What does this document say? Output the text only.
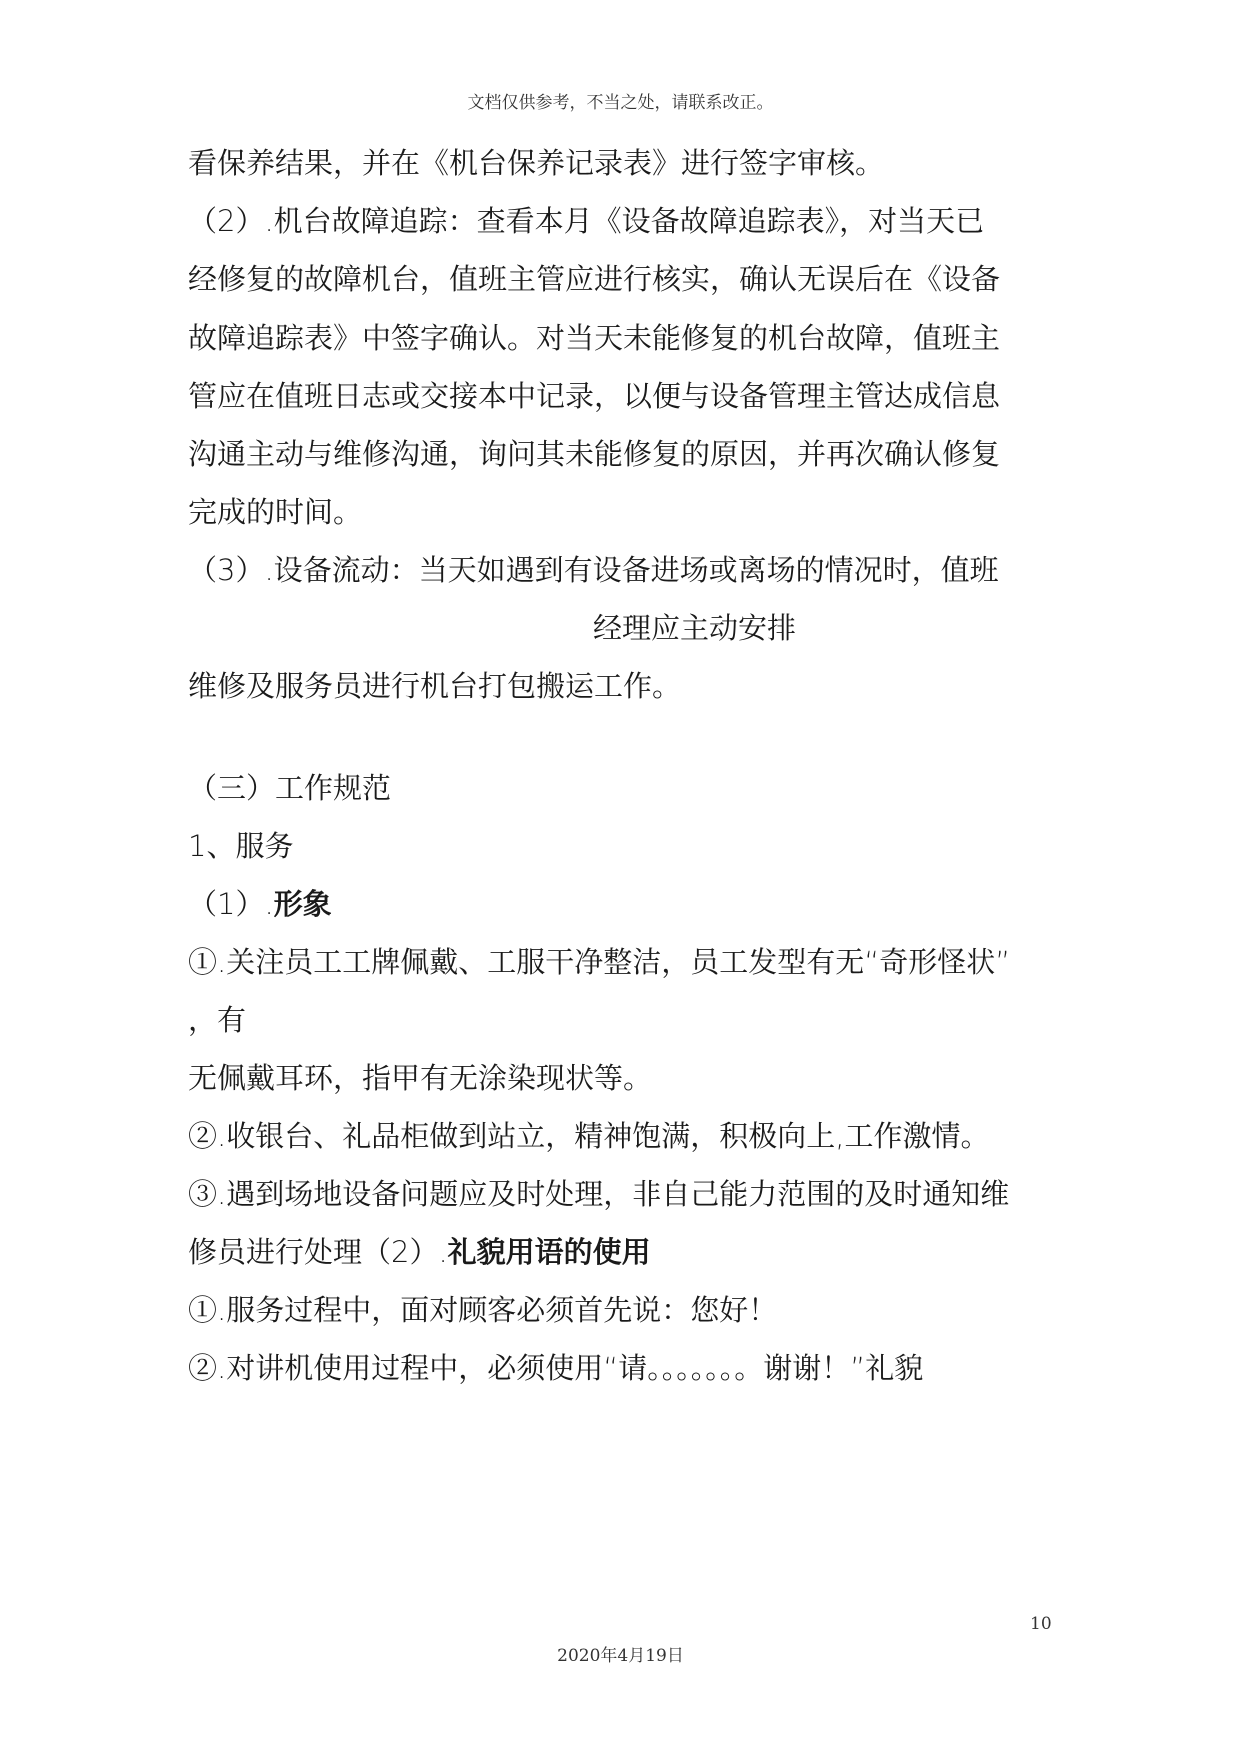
文档仅供参考，不当之处，请联系改正。
看保养结果，并在《机台保养记录表》进行签字审核。
（2）.机台故障追踪：查看本月《设备故障追踪表》，对当天已
经修复的故障机台，值班主管应进行核实，确认无误后在《设备
故障追踪表》中签字确认。对当天未能修复的机台故障，值班主
管应在值班日志或交接本中记录，以便与设备管理主管达成信息
沟通主动与维修沟通，询问其未能修复的原因，并再次确认修复
完成的时间。
（3）.设备流动：当天如遇到有设备进场或离场的情况时，值班
经理应主动安排
维修及服务员进行机台打包搬运工作。
（三）工作规范
1、服务
（1）.形象
①.关注员工工牌佩戴、工服干净整洁，员工发型有无“奇形怪状”
，有
无佩戴耳环，指甲有无涂染现状等。
②.收银台、礼品柜做到站立，精神饱满，积极向上,工作激情。
③.遇到场地设备问题应及时处理，非自己能力范围的及时通知维
修员进行处理（2）.礼貌用语的使用
①.服务过程中，面对顾客必须首先说：您好！
②.对讲机使用过程中，必须使用“请。。。。。。。谢谢！”礼貌
10
2020年4月19日
